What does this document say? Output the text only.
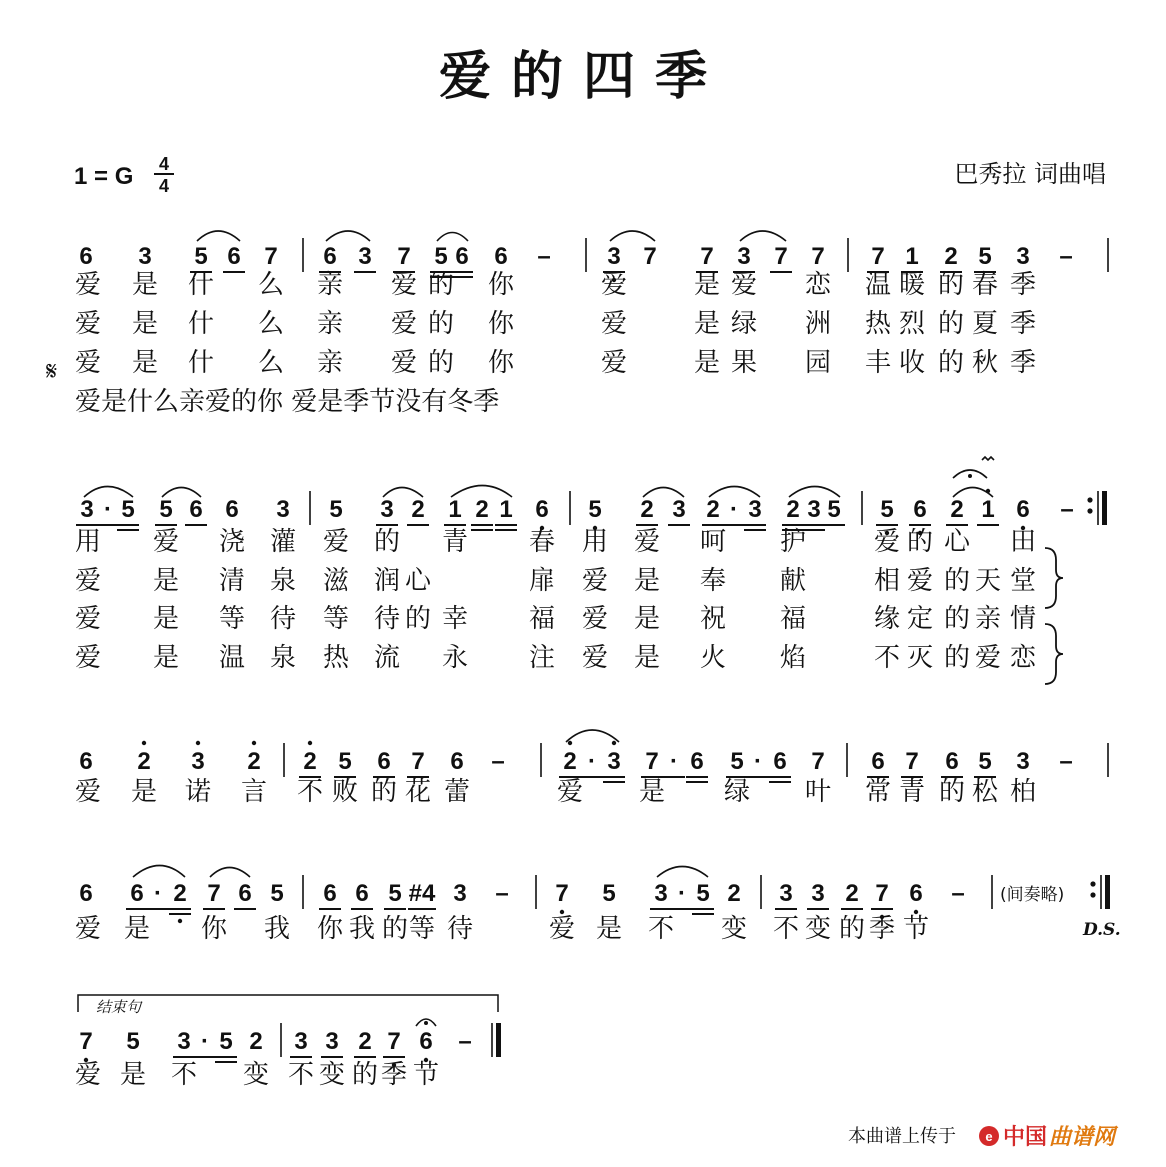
爱的四季
1 = G 4
4	巴秀拉 词曲唱
6 3 5 6 7 6 3 7 5 6 6 – 3 7 7 3 7 7 7 1 2 5 3 –
3 · 5 5 6 6 3 5 3 2 1 2 1 6 5 2 3 2 · 3 2 3 5 5 6 2 1 6 –
6 2 3 2 2 5 6 7 6 – 2 · 3 7 · 6 5 · 6 7 6 7 6 5 3 –
6 6 · 2 7 6 5 6 6 5 #4 3 – 7 5 3 · 5 2 3 3 2 7 6 –
7 5 3 · 5 2 3 3 2 7 6 –
爱是什么亲爱的你爱是爱恋温暖的春季
爱是什么亲爱的你爱是绿洲热烈的夏季
爱是什么亲爱的你爱是果园丰收的秋季
爱是什么亲爱的你 爱是季节没有冬季
用爱浇灌爱的青春用爱呵护爱的心田
爱是清泉滋润心扉爱是奉献相爱的天堂
爱是等待等待的幸福爱是祝福缘定的亲情
爱是温泉热流永注爱是火焰不灭的爱恋
爱是诺言不败的花蕾爱是绿叶常青的松柏
爱是你我你我的等待爱是不变不变的季节
爱是不变不变的季节
𝄋
结束句
(间奏略)
D.S.
本曲谱上传于 e 中国 曲谱网
